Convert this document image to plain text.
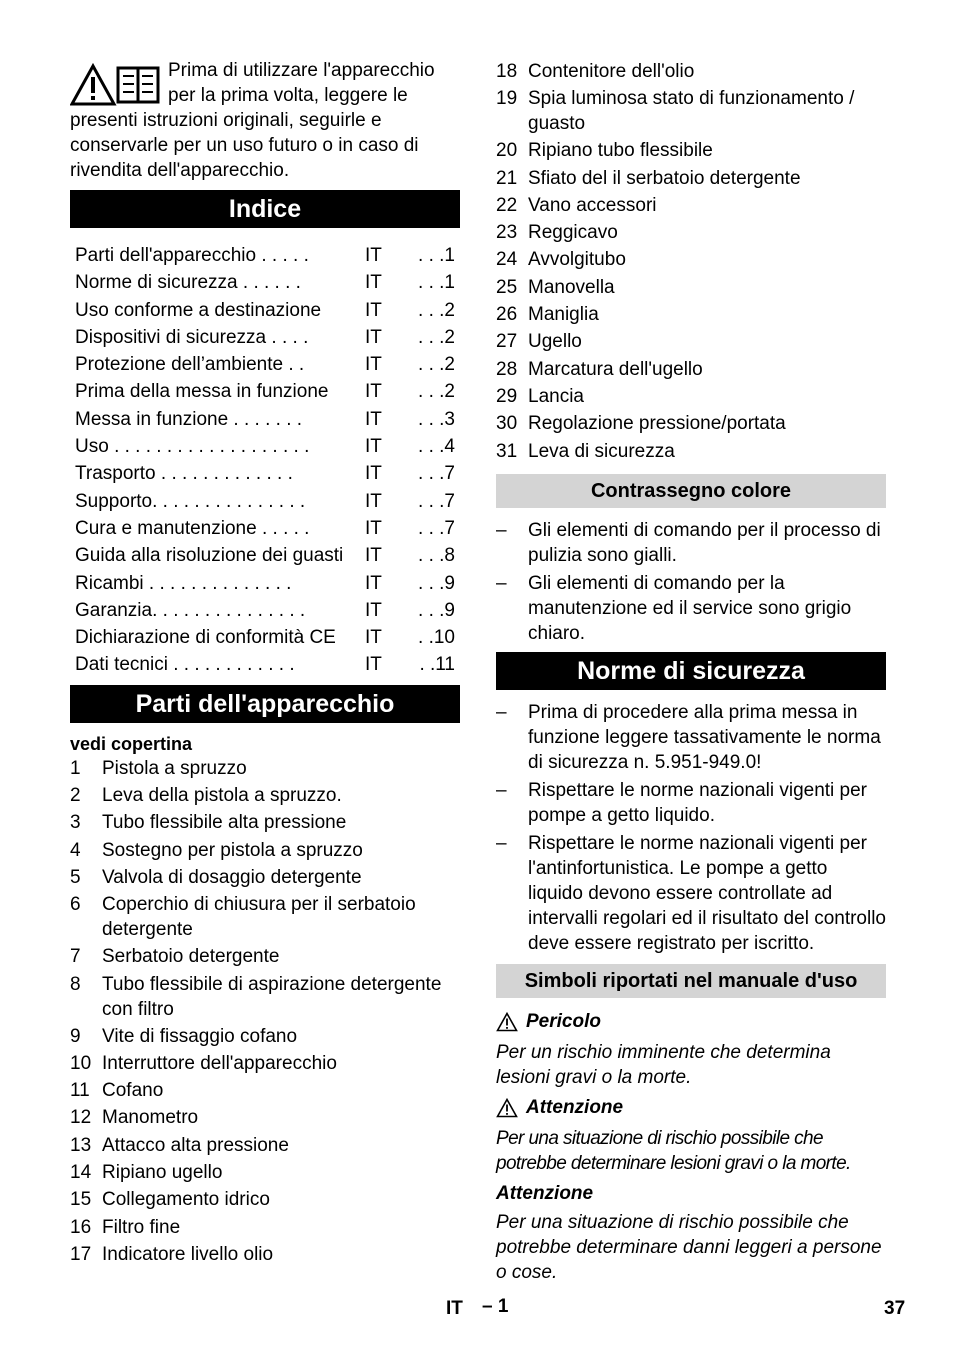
Prima di utilizzare l'apparecchio per la prima volta, leggere le presenti istruzioni originali, seguirle e conservarle per un uso futuro o in caso di rivendita dell'apparecchio.
Indice
Parti dell'apparecchio . . . . .	IT	. . .1
Norme di sicurezza . . . . . .	IT	. . .1
Uso conforme a destinazione	IT	. . .2
Dispositivi di sicurezza . . . .	IT	. . .2
Protezione dell’ambiente . .	IT	. . .2
Prima della messa in funzione	IT	. . .2
Messa in funzione . . . . . . .	IT	. . .3
Uso . . . . . . . . . . . . . . . . . . .	IT	. . .4
Trasporto . . . . . . . . . . . . .	IT	. . .7
Supporto. . . . . . . . . . . . . . .	IT	. . .7
Cura e manutenzione . . . . .	IT	. . .7
Guida alla risoluzione dei guasti	IT	. . .8
Ricambi . . . . . . . . . . . . . .	IT	. . .9
Garanzia. . . . . . . . . . . . . . .	IT	. . .9
Dichiarazione di conformità CE	IT	. .10
Dati tecnici . . . . . . . . . . . .	IT	. .11
Parti dell'apparecchio
vedi copertina
1	Pistola a spruzzo
2	Leva della pistola a spruzzo.
3	Tubo flessibile alta pressione
4	Sostegno per pistola a spruzzo
5	Valvola di dosaggio detergente
6	Coperchio di chiusura per il serbatoio detergente
7	Serbatoio detergente
8	Tubo flessibile di aspirazione detergente con filtro
9	Vite di fissaggio cofano
10 Interruttore dell'apparecchio
11 Cofano
12 Manometro
13 Attacco alta pressione
14 Ripiano ugello
15 Collegamento idrico
16 Filtro fine
17 Indicatore livello olio
18 Contenitore dell'olio
19 Spia luminosa stato di funzionamento / guasto
20 Ripiano tubo flessibile
21 Sfiato del il serbatoio detergente
22 Vano accessori
23 Reggicavo
24 Avvolgitubo
25 Manovella
26 Maniglia
27 Ugello
28 Marcatura dell'ugello
29 Lancia
30 Regolazione pressione/portata
31 Leva di sicurezza
Contrassegno colore
–	Gli elementi di comando per il processo di pulizia sono gialli.
–	Gli elementi di comando per la manutenzione ed il service sono grigio chiaro.
Norme di sicurezza
–	Prima di procedere alla prima messa in funzione leggere tassativamente le norma di sicurezza n. 5.951-949.0!
–	Rispettare le norme nazionali vigenti per pompe a getto liquido.
–	Rispettare le norme nazionali vigenti per l'antinfortunistica. Le pompe a getto liquido devono essere controllate ad intervalli regolari ed il risultato del controllo deve essere registrato per iscritto.
Simboli riportati nel manuale d'uso
Pericolo
Per un rischio imminente che determina lesioni gravi o la morte.
Attenzione
Per una situazione di rischio possibile che potrebbe determinare lesioni gravi o la morte.
Attenzione
Per una situazione di rischio possibile che potrebbe determinare danni leggeri a persone o cose.
IT – 1	37
